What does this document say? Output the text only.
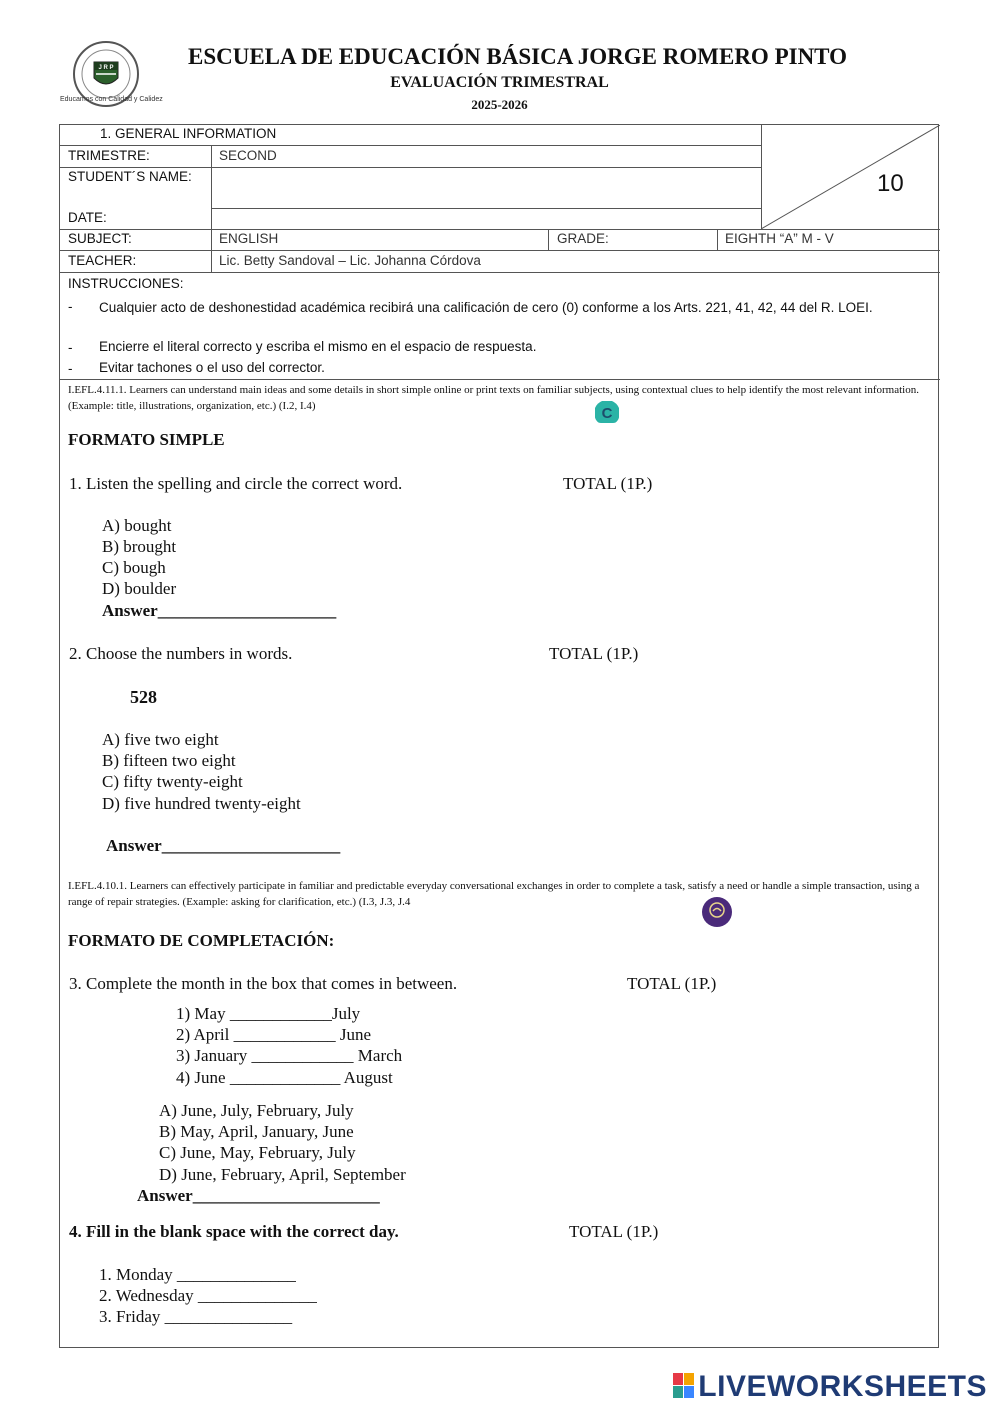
J R P
Educamos con Calidad y Calidez
ESCUELA DE EDUCACIÓN BÁSICA JORGE ROMERO PINTO
EVALUACIÓN TRIMESTRAL
2025-2026
1. GENERAL INFORMATION
TRIMESTRE:	SECOND
STUDENT´S NAME:
DATE:
SUBJECT:	ENGLISH	GRADE:	EIGHTH “A” M - V
TEACHER:	Lic. Betty Sandoval – Lic. Johanna Córdova
10
INSTRUCCIONES:
- Cualquier acto de deshonestidad académica recibirá una calificación de cero (0) conforme a los Arts. 221, 41, 42, 44 del R. LOEI.
- Encierre el literal correcto y escriba el mismo en el espacio de respuesta.
- Evitar tachones o el uso del corrector.
I.EFL.4.11.1. Learners can understand main ideas and some details in short simple online or print texts on familiar subjects, using contextual clues to help identify the most relevant information. (Example: title, illustrations, organization, etc.) (I.2, I.4)	C
FORMATO SIMPLE
1. Listen the spelling and circle the correct word.	TOTAL (1P.)
A) bought
B) brought
C) bough
D) boulder
Answer_____________________
2. Choose the numbers in words.	TOTAL (1P.)
528
A) five two eight
B) fifteen two eight
C) fifty twenty-eight
D) five hundred twenty-eight
Answer_____________________
I.EFL.4.10.1. Learners can effectively participate in familiar and predictable everyday conversational exchanges in order to complete a task, satisfy a need or handle a simple transaction, using a range of repair strategies. (Example: asking for clarification, etc.) (I.3, J.3, J.4
FORMATO DE COMPLETACIÓN:
3. Complete the month in the box that comes in between.	TOTAL (1P.)
1) May ____________July
2) April ____________ June
3) January ____________ March
4) June _____________ August
A) June, July, February, July
B) May, April, January, June
C) June, May, February, July
D) June, February, April, September
Answer______________________
4. Fill in the blank space with the correct day.	TOTAL (1P.)
1. Monday ______________
2. Wednesday ______________
3. Friday _______________
LIVEWORKSHEETS
